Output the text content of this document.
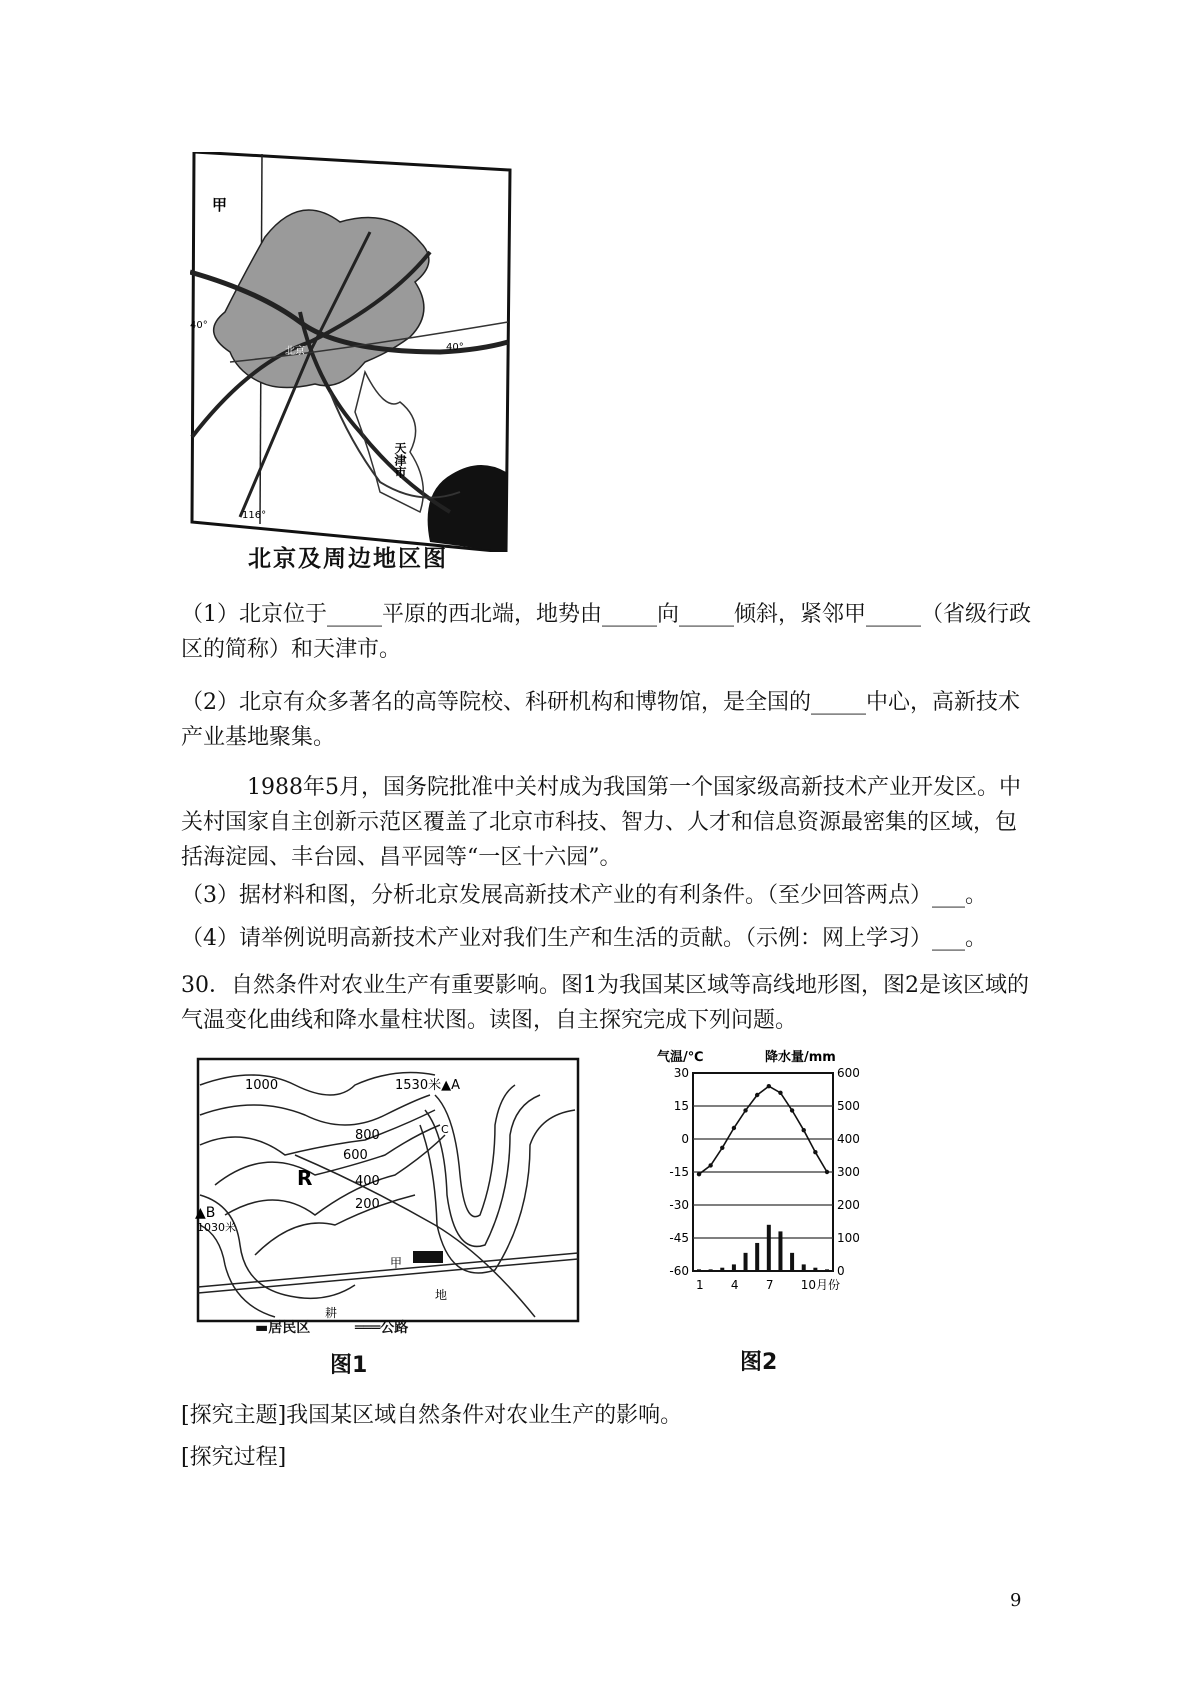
甲
北京
天津市
40°
40°
116°
北京及周边地区图
（1）北京位于_____平原的西北端，地势由_____向_____倾斜，紧邻甲_____（省级行政区的简称）和天津市。
（2）北京有众多著名的高等院校、科研机构和博物馆，是全国的_____中心，高新技术产业基地聚集。
　　　1988年5月，国务院批准中关村成为我国第一个国家级高新技术产业开发区。中关村国家自主创新示范区覆盖了北京市科技、智力、人才和信息资源最密集的区域，包括海淀园、丰台园、昌平园等“一区十六园”。
（3）据材料和图，分析北京发展高新技术产业的有利条件。（至少回答两点）___。
（4）请举例说明高新技术产业对我们生产和生活的贡献。（示例：网上学习）___。
30．自然条件对农业生产有重要影响。图1为我国某区域等高线地形图，图2是该区域的气温变化曲线和降水量柱状图。读图，自主探究完成下列问题。
1000
800
600
400
200
1530米▲A
C
R
▲B
1030米
甲
地
耕
▬居民区	═══公路
图1
气温/℃	降水量/mm
30
15
0
-15
-30
-45
-60
600
500
400
300
200
100
0
1 4 7 10月份
图2
[探究主题]我国某区域自然条件对农业生产的影响。
[探究过程]
9
